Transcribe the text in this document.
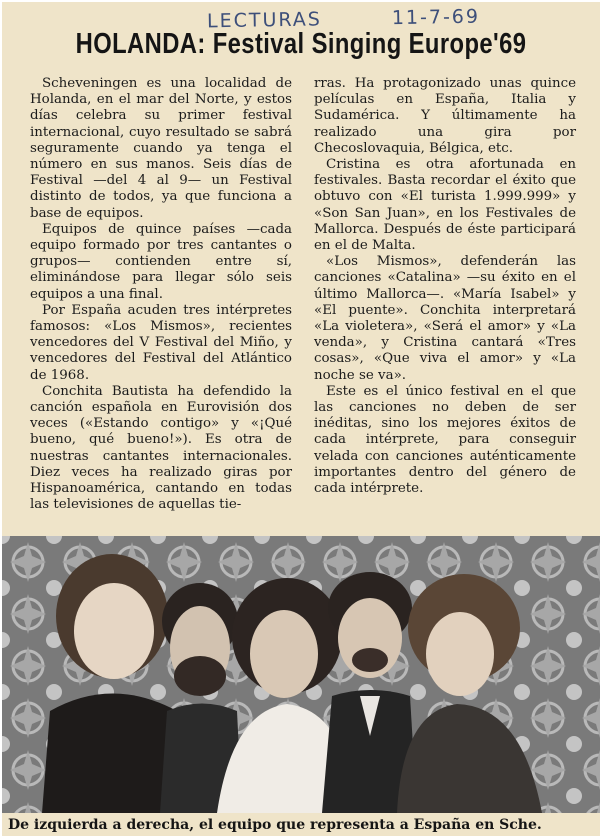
LECTURAS	11-7-69
HOLANDA: Festival Singing Europe'69

Scheveningen es una localidad de Holanda, en el mar del Norte, y estos días celebra su primer festival internacional, cuyo resultado se sabrá seguramente cuando ya tenga el número en sus manos. Seis días de Festival —del 4 al 9— un Festival distinto de todos, ya que funciona a base de equipos.

Equipos de quince países —cada equipo formado por tres cantantes o grupos— contienden entre sí, eliminándose para llegar sólo seis equipos a una final.

Por España acuden tres intérpretes famosos: «Los Mismos», recientes vencedores del V Festival del Miño, y vencedores del Festival del Atlántico de 1968.

Conchita Bautista ha defendido la canción española en Eurovisión dos veces («Estando contigo» y «¡Qué bueno, qué bueno!»). Es otra de nuestras cantantes internacionales. Diez veces ha realizado giras por Hispanoamérica, cantando en todas las televisiones de aquellas tie-

rras. Ha protagonizado unas quince películas en España, Italia y Sudamérica. Y últimamente ha realizado una gira por Checoslovaquia, Bélgica, etc.

Cristina es otra afortunada en festivales. Basta recordar el éxito que obtuvo con «El turista 1.999.999» y «Son San Juan», en los Festivales de Mallorca. Después de éste participará en el de Malta.

«Los Mismos», defenderán las canciones «Catalina» —su éxito en el último Mallorca—. «María Isabel» y «El puente». Conchita interpretará «La violetera», «Será el amor» y «La venda», y Cristina cantará «Tres cosas», «Que viva el amor» y «La noche se va».

Este es el único festival en el que las canciones no deben de ser inéditas, sino los mejores éxitos de cada intérprete, para conseguir velada con canciones auténticamente importantes dentro del género de cada intérprete.

De izquierda a derecha, el equipo que representa a España en Sche.
